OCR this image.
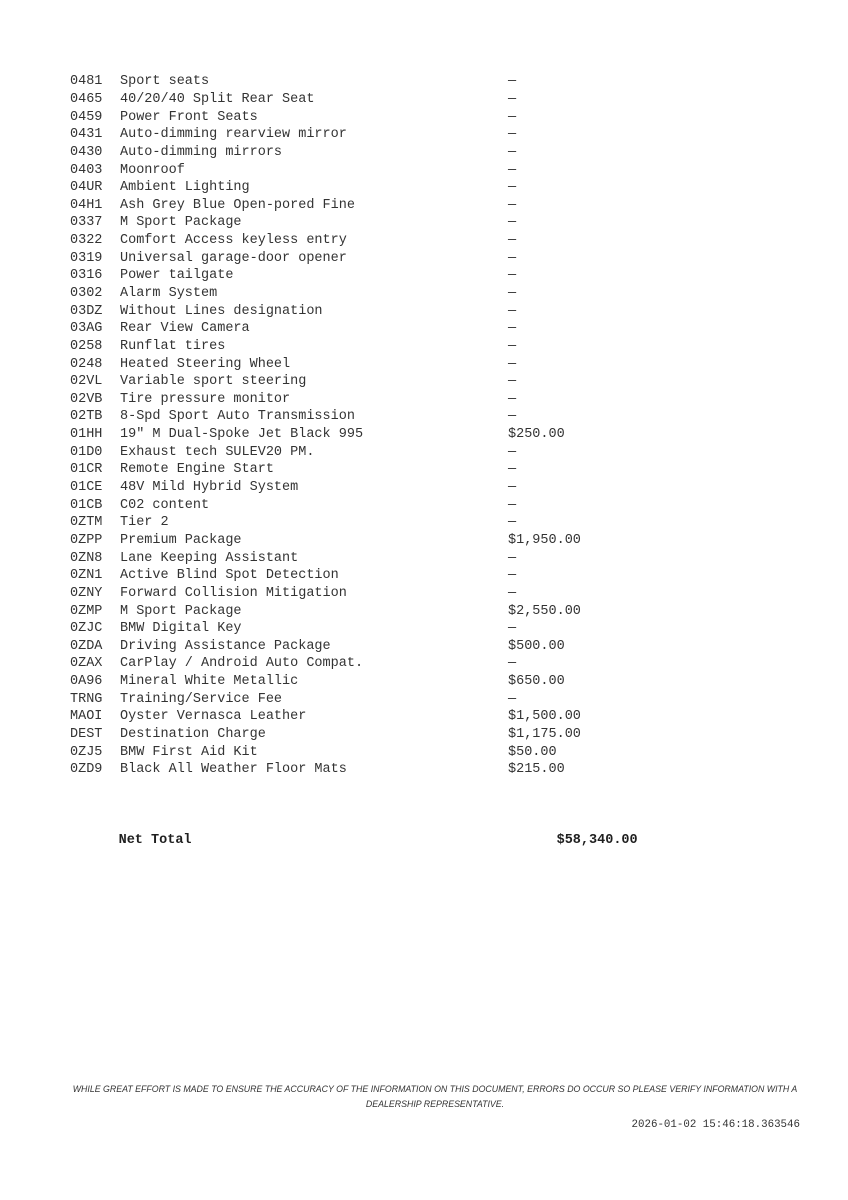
0481 Sport seats	—
0465 40/20/40 Split Rear Seat	—
0459 Power Front Seats	—
0431 Auto-dimming rearview mirror	—
0430 Auto-dimming mirrors	—
0403 Moonroof	—
04UR Ambient Lighting	—
04H1 Ash Grey Blue Open-pored Fine	—
0337 M Sport Package	—
0322 Comfort Access keyless entry	—
0319 Universal garage-door opener	—
0316 Power tailgate	—
0302 Alarm System	—
03DZ Without Lines designation	—
03AG Rear View Camera	—
0258 Runflat tires	—
0248 Heated Steering Wheel	—
02VL Variable sport steering	—
02VB Tire pressure monitor	—
02TB 8-Spd Sport Auto Transmission	—
01HH 19" M Dual-Spoke Jet Black 995	$250.00
01D0 Exhaust tech SULEV20 PM.	—
01CR Remote Engine Start	—
01CE 48V Mild Hybrid System	—
01CB C02 content	—
0ZTM Tier 2	—
0ZPP Premium Package	$1,950.00
0ZN8 Lane Keeping Assistant	—
0ZN1 Active Blind Spot Detection	—
0ZNY Forward Collision Mitigation	—
0ZMP M Sport Package	$2,550.00
0ZJC BMW Digital Key	—
0ZDA Driving Assistance Package	$500.00
0ZAX CarPlay / Android Auto Compat.	—
0A96 Mineral White Metallic	$650.00
TRNG Training/Service Fee	—
MAOI Oyster Vernasca Leather	$1,500.00
DEST Destination Charge	$1,175.00
0ZJ5 BMW First Aid Kit	$50.00
0ZD9 Black All Weather Floor Mats	$215.00

Net Total	$58,340.00

WHILE GREAT EFFORT IS MADE TO ENSURE THE ACCURACY OF THE INFORMATION ON THIS DOCUMENT, ERRORS DO OCCUR SO PLEASE VERIFY INFORMATION WITH A DEALERSHIP REPRESENTATIVE.
2026-01-02 15:46:18.363546
